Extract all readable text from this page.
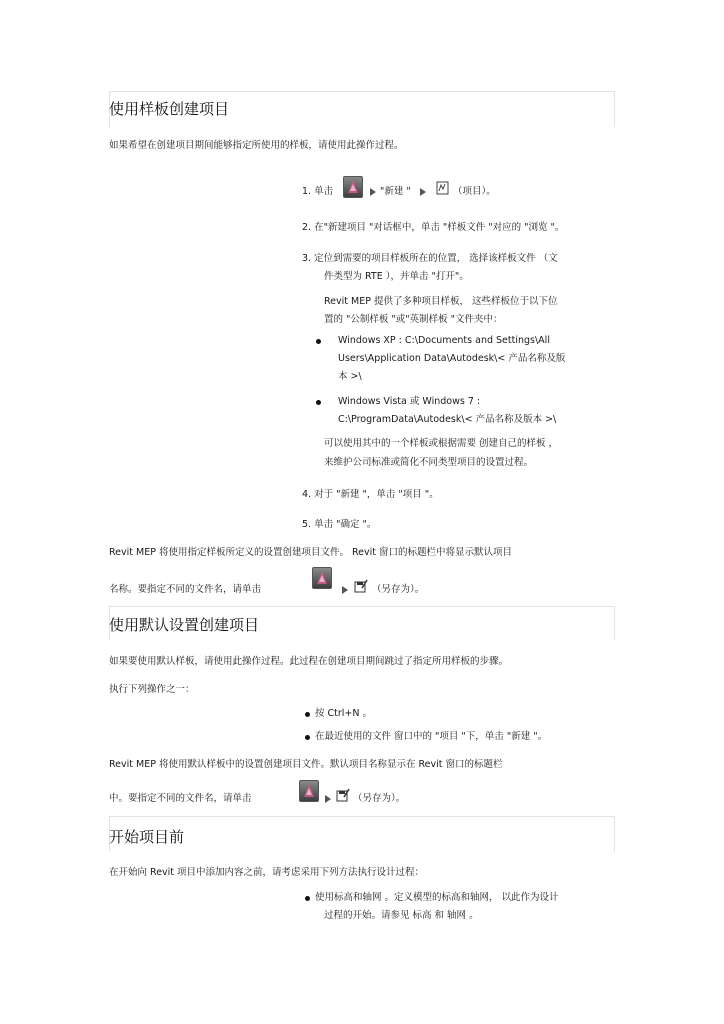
使用样板创建项目
如果希望在创建项目期间能够指定所使用的样板，请使用此操作过程。
1. 单击	"新建 "	（项目）。
2. 在"新建项目 "对话框中，单击 "样板文件 "对应的 "浏览 "。
3. 定位到需要的项目样板所在的位置， 选择该样板文件 （文
件类型为 RTE ），并单击 "打开"。
Revit MEP 提供了多种项目样板， 这些样板位于以下位
置的 "公制样板 "或"英制样板 "文件夹中：
Windows XP : C:\Documents and Settings\All
Users\Application Data\Autodesk\< 产品名称及版
本 >\
Windows Vista 或 Windows 7 :
C:\ProgramData\Autodesk\< 产品名称及版本 >\
可以使用其中的一个样板或根据需要 创建自己的样板 ，
来维护公司标准或简化不同类型项目的设置过程。
4. 对于 "新建 "，单击 "项目 "。
5. 单击 "确定 "。
Revit MEP 将使用指定样板所定义的设置创建项目文件。 Revit 窗口的标题栏中将显示默认项目
名称。要指定不同的文件名，请单击	（另存为）。
使用默认设置创建项目
如果要使用默认样板，请使用此操作过程。此过程在创建项目期间跳过了指定所用样板的步骤。
执行下列操作之一：
按 Ctrl+N 。
在最近使用的文件 窗口中的 "项目 "下，单击 "新建 "。
Revit MEP 将使用默认样板中的设置创建项目文件。默认项目名称显示在 Revit 窗口的标题栏
中。要指定不同的文件名，请单击	（另存为）。
开始项目前
在开始向 Revit 项目中添加内容之前，请考虑采用下列方法执行设计过程：
使用标高和轴网 。定义模型的标高和轴网， 以此作为设计
过程的开始。请参见 标高 和 轴网 。
